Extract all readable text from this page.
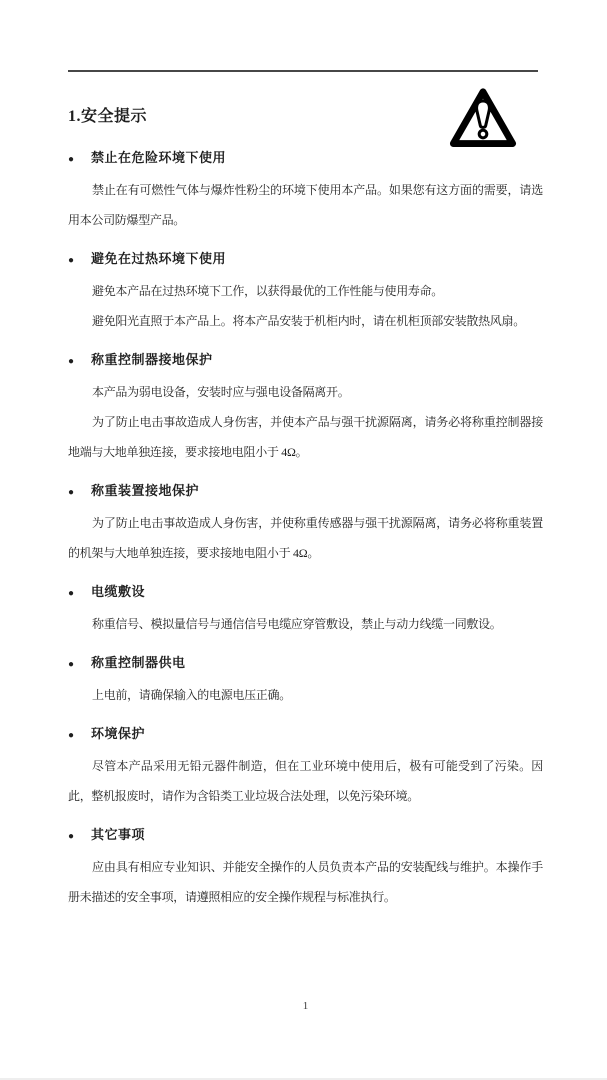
1.安全提示
●	禁止在危险环境下使用

禁止在有可燃性气体与爆炸性粉尘的环境下使用本产品。如果您有这方面的需要，请选用本公司防爆型产品。

●	避免在过热环境下使用

避免本产品在过热环境下工作，以获得最优的工作性能与使用寿命。

避免阳光直照于本产品上。将本产品安装于机柜内时，请在机柜顶部安装散热风扇。

●	称重控制器接地保护

本产品为弱电设备，安装时应与强电设备隔离开。

为了防止电击事故造成人身伤害，并使本产品与强干扰源隔离，请务必将称重控制器接地端与大地单独连接，要求接地电阻小于 4Ω。

●	称重装置接地保护

为了防止电击事故造成人身伤害，并使称重传感器与强干扰源隔离，请务必将称重装置的机架与大地单独连接，要求接地电阻小于 4Ω。

●	电缆敷设

称重信号、模拟量信号与通信信号电缆应穿管敷设，禁止与动力线缆一同敷设。

●	称重控制器供电

上电前，请确保输入的电源电压正确。

●	环境保护

尽管本产品采用无铅元器件制造，但在工业环境中使用后，极有可能受到了污染。因此，整机报废时，请作为含铅类工业垃圾合法处理，以免污染环境。

●	其它事项

应由具有相应专业知识、并能安全操作的人员负责本产品的安装配线与维护。本操作手册未描述的安全事项，请遵照相应的安全操作规程与标准执行。

1
